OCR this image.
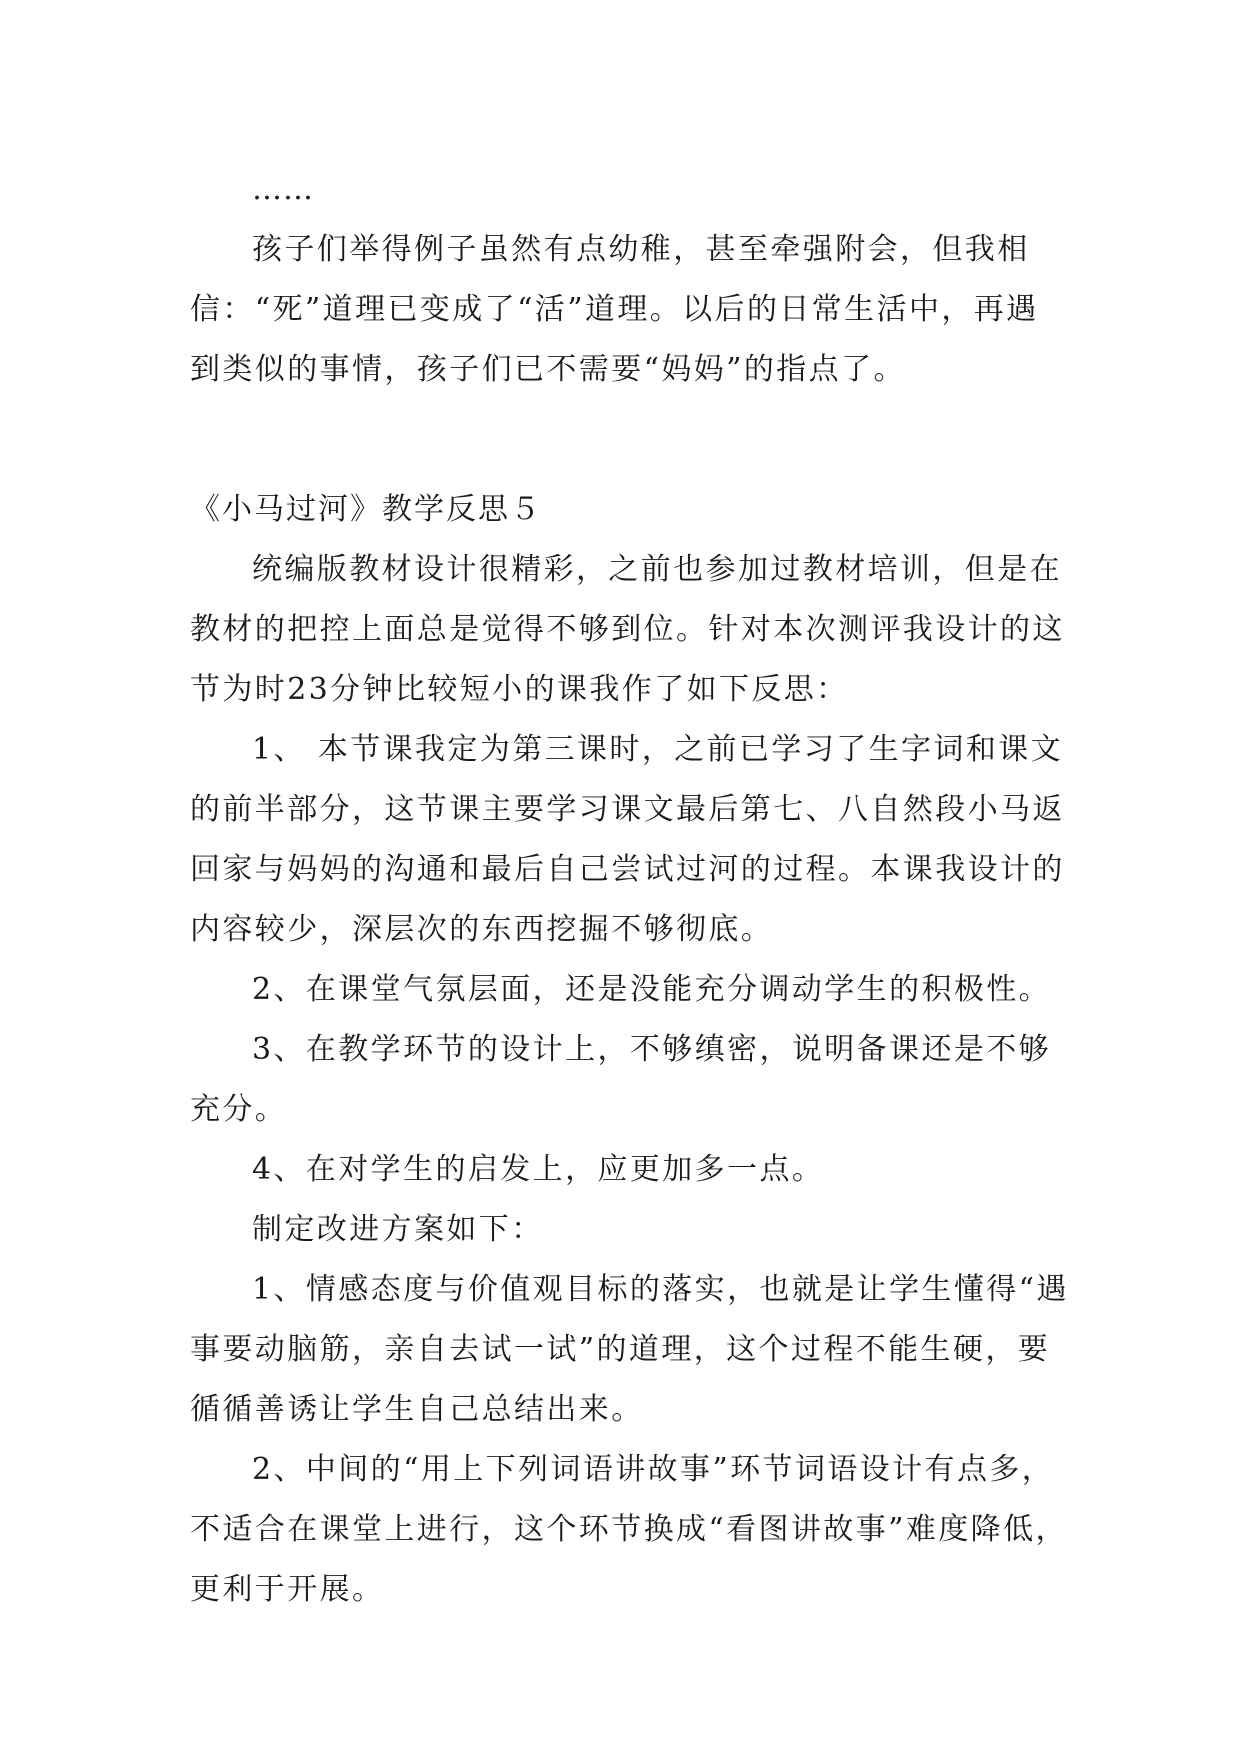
……

孩子们举得例子虽然有点幼稚，甚至牵强附会，但我相信：“死”道理已变成了“活”道理。以后的日常生活中，再遇到类似的事情，孩子们已不需要“妈妈”的指点了。

《小马过河》教学反思５

统编版教材设计很精彩，之前也参加过教材培训，但是在教材的把控上面总是觉得不够到位。针对本次测评我设计的这节为时23分钟比较短小的课我作了如下反思：

1、 本节课我定为第三课时，之前已学习了生字词和课文的前半部分，这节课主要学习课文最后第七、八自然段小马返回家与妈妈的沟通和最后自己尝试过河的过程。本课我设计的内容较少，深层次的东西挖掘不够彻底。

2、在课堂气氛层面，还是没能充分调动学生的积极性。

3、在教学环节的设计上，不够缜密，说明备课还是不够充分。

4、在对学生的启发上，应更加多一点。

制定改进方案如下：

1、情感态度与价值观目标的落实，也就是让学生懂得“遇事要动脑筋，亲自去试一试”的道理，这个过程不能生硬，要循循善诱让学生自己总结出来。

2、中间的“用上下列词语讲故事”环节词语设计有点多，不适合在课堂上进行，这个环节换成“看图讲故事”难度降低，更利于开展。
